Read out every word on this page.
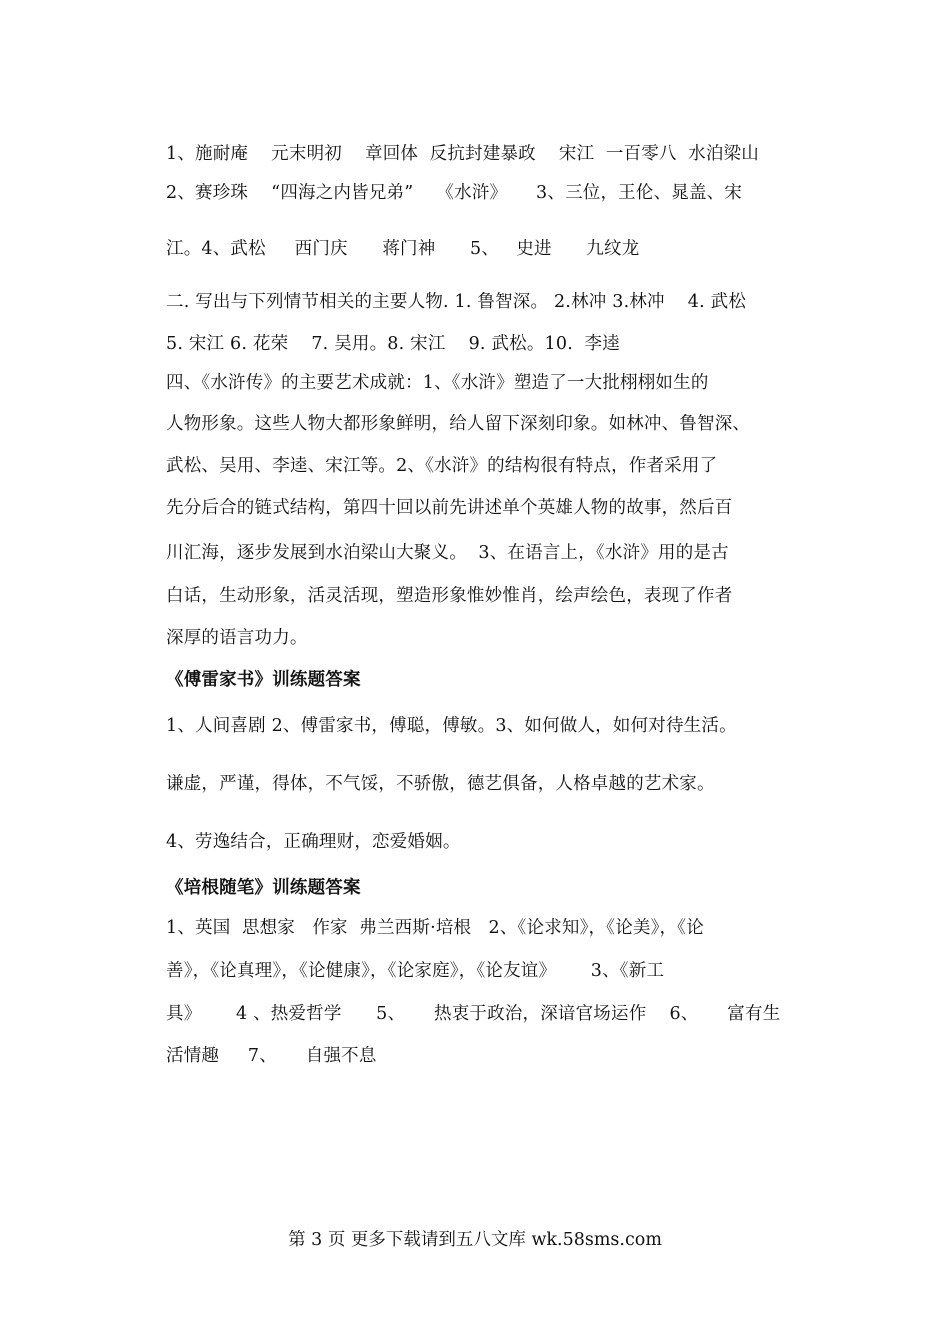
1、施耐庵    元末明初    章回体  反抗封建暴政    宋江  一百零八  水泊梁山
2、赛珍珠    “四海之内皆兄弟”    《水浒》     3、三位，王伦、晁盖、宋
江。4、武松     西门庆      蒋门神      5、   史进      九纹龙
二. 写出与下列情节相关的主要人物. 1. 鲁智深。 2.林冲 3.林冲    4. 武松
5. 宋江 6. 花荣    7. 吴用。8. 宋江    9. 武松。10.  李逵
四、《水浒传》的主要艺术成就：1、《水浒》塑造了一大批栩栩如生的
人物形象。这些人物大都形象鲜明，给人留下深刻印象。如林冲、鲁智深、
武松、吴用、李逵、宋江等。2、《水浒》的结构很有特点，作者采用了
先分后合的链式结构，第四十回以前先讲述单个英雄人物的故事，然后百
川汇海，逐步发展到水泊梁山大聚义。  3、在语言上，《水浒》用的是古
白话，生动形象，活灵活现，塑造形象惟妙惟肖，绘声绘色，表现了作者
深厚的语言功力。
《傅雷家书》训练题答案
1、人间喜剧 2、傅雷家书，傅聪，傅敏。3、如何做人，如何对待生活。
谦虚，严谨，得体，不气馁，不骄傲，德艺俱备，人格卓越的艺术家。
4、劳逸结合，正确理财，恋爱婚姻。
《培根随笔》训练题答案
1、英国  思想家   作家  弗兰西斯·培根   2、《论求知》，《论美》，《论
善》，《论真理》，《论健康》，《论家庭》，《论友谊》      3、《新工
具》      4 、热爱哲学      5、     热衷于政治，深谙官场运作    6、     富有生
活情趣     7、     自强不息
第 3 页 更多下载请到五八文库 wk.58sms.com
